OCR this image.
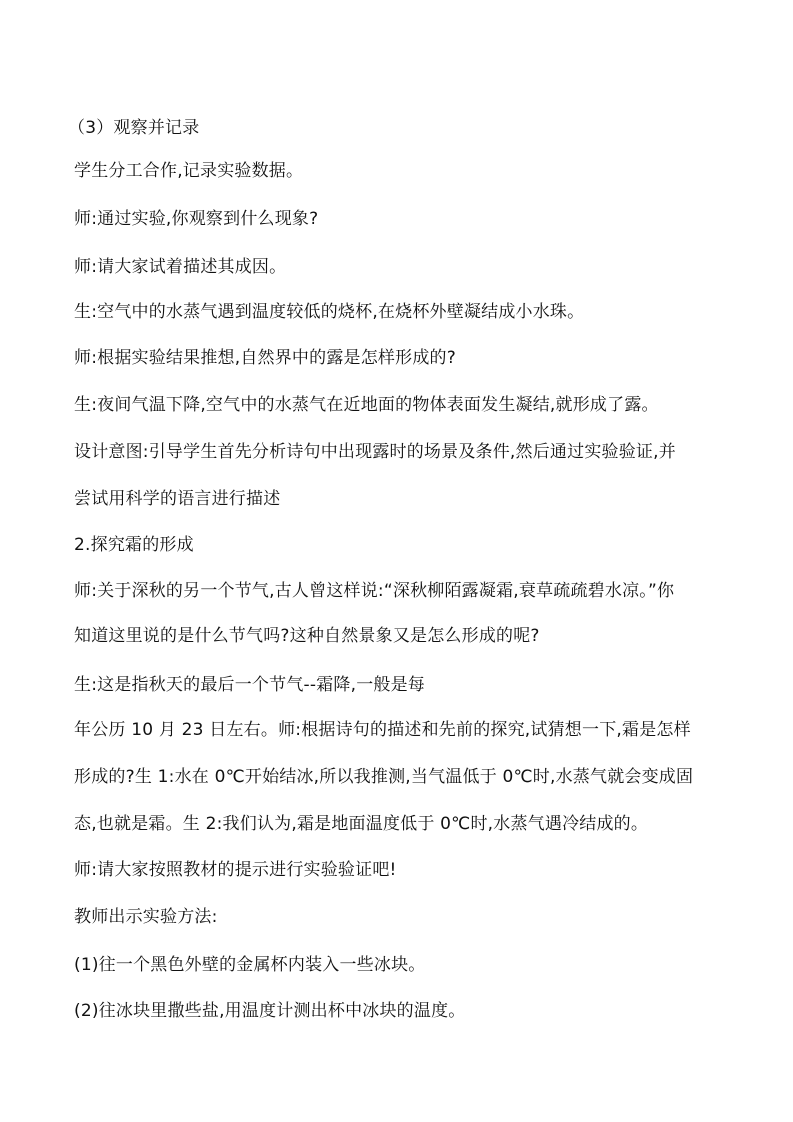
（3）观察并记录
学生分工合作,记录实验数据。
师:通过实验,你观察到什么现象?
师:请大家试着描述其成因。
生:空气中的水蒸气遇到温度较低的烧杯,在烧杯外壁凝结成小水珠。
师:根据实验结果推想,自然界中的露是怎样形成的?
生:夜间气温下降,空气中的水蒸气在近地面的物体表面发生凝结,就形成了露。
设计意图:引导学生首先分析诗句中出现露时的场景及条件,然后通过实验验证,并
尝试用科学的语言进行描述
2.探究霜的形成
师:关于深秋的另一个节气,古人曾这样说:“深秋柳陌露凝霜,衰草疏疏碧水凉。”你
知道这里说的是什么节气吗?这种自然景象又是怎么形成的呢?
生:这是指秋天的最后一个节气--霜降,一般是每
年公历 10 月 23 日左右。师:根据诗句的描述和先前的探究,试猜想一下,霜是怎样
形成的?生 1:水在 0℃开始结冰,所以我推测,当气温低于 0℃时,水蒸气就会变成固
态,也就是霜。生 2:我们认为,霜是地面温度低于 0℃时,水蒸气遇冷结成的。
师:请大家按照教材的提示进行实验验证吧!
教师出示实验方法:
(1)往一个黑色外壁的金属杯内装入一些冰块。
(2)往冰块里撒些盐,用温度计测出杯中冰块的温度。
